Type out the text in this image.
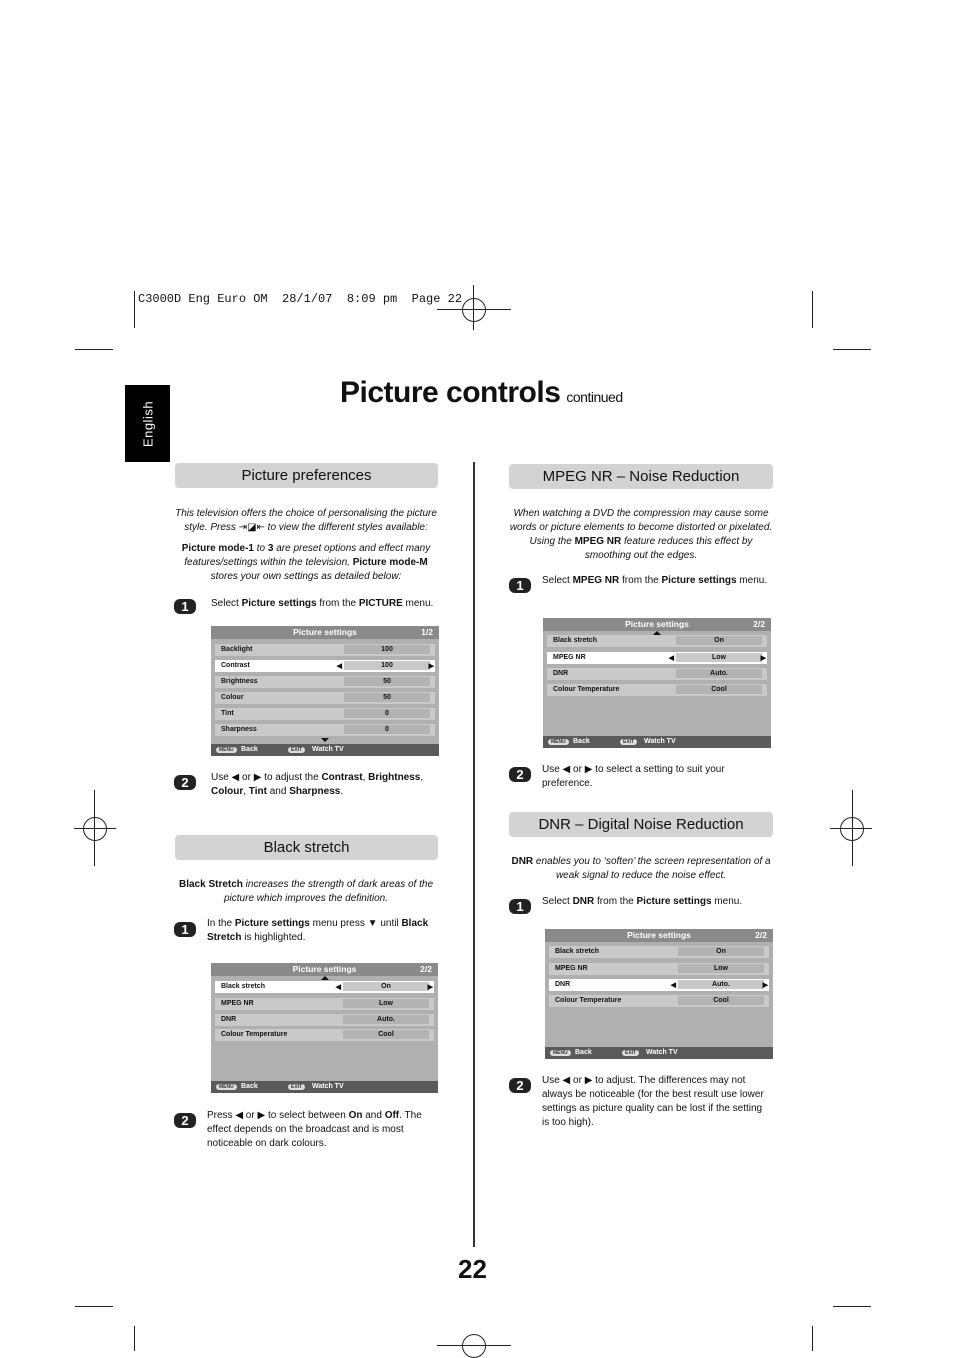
C3000D Eng Euro OM  28/1/07  8:09 pm  Page 22
English
Picture controls continued
Picture preferences
This television offers the choice of personalising the picture style. Press ⇥◪⇤ to view the different styles available:
Picture mode-1 to 3 are preset options and effect many features/settings within the television, Picture mode-M stores your own settings as detailed below:
1	Select Picture settings from the PICTURE menu.
Picture settings	1/2
Backlight	100
Contrast	◀	100	▶
Brightness	50
Colour	50
Tint	0
Sharpness	0
MENU	Back	EXIT	Watch TV
2	Use ◀ or ▶ to adjust the Contrast, Brightness, Colour, Tint and Sharpness.
Black stretch
Black Stretch increases the strength of dark areas of the picture which improves the definition.
1	In the Picture settings menu press ▼ until Black Stretch is highlighted.
Picture settings	2/2
Black stretch	◀	On	▶
MPEG NR	Low
DNR	Auto.
Colour Temperature	Cool
MENU	Back	EXIT	Watch TV
2	Press ◀ or ▶ to select between On and Off. The effect depends on the broadcast and is most noticeable on dark colours.
MPEG NR – Noise Reduction
When watching a DVD the compression may cause some words or picture elements to become distorted or pixelated. Using the MPEG NR feature reduces this effect by smoothing out the edges.
1	Select MPEG NR from the Picture settings menu.
Picture settings	2/2
Black stretch	On
MPEG NR	◀	Low	▶
DNR	Auto.
Colour Temperature	Cool
MENU	Back	EXIT	Watch TV
2	Use ◀ or ▶ to select a setting to suit your preference.
DNR – Digital Noise Reduction
DNR enables you to ‘soften’ the screen representation of a weak signal to reduce the noise effect.
1	Select DNR from the Picture settings menu.
Picture settings	2/2
Black stretch	On
MPEG NR	Low
DNR	◀	Auto.	▶
Colour Temperature	Cool
MENU	Back	EXIT	Watch TV
2	Use ◀ or ▶ to adjust. The differences may not always be noticeable (for the best result use lower settings as picture quality can be lost if the setting is too high).
22
